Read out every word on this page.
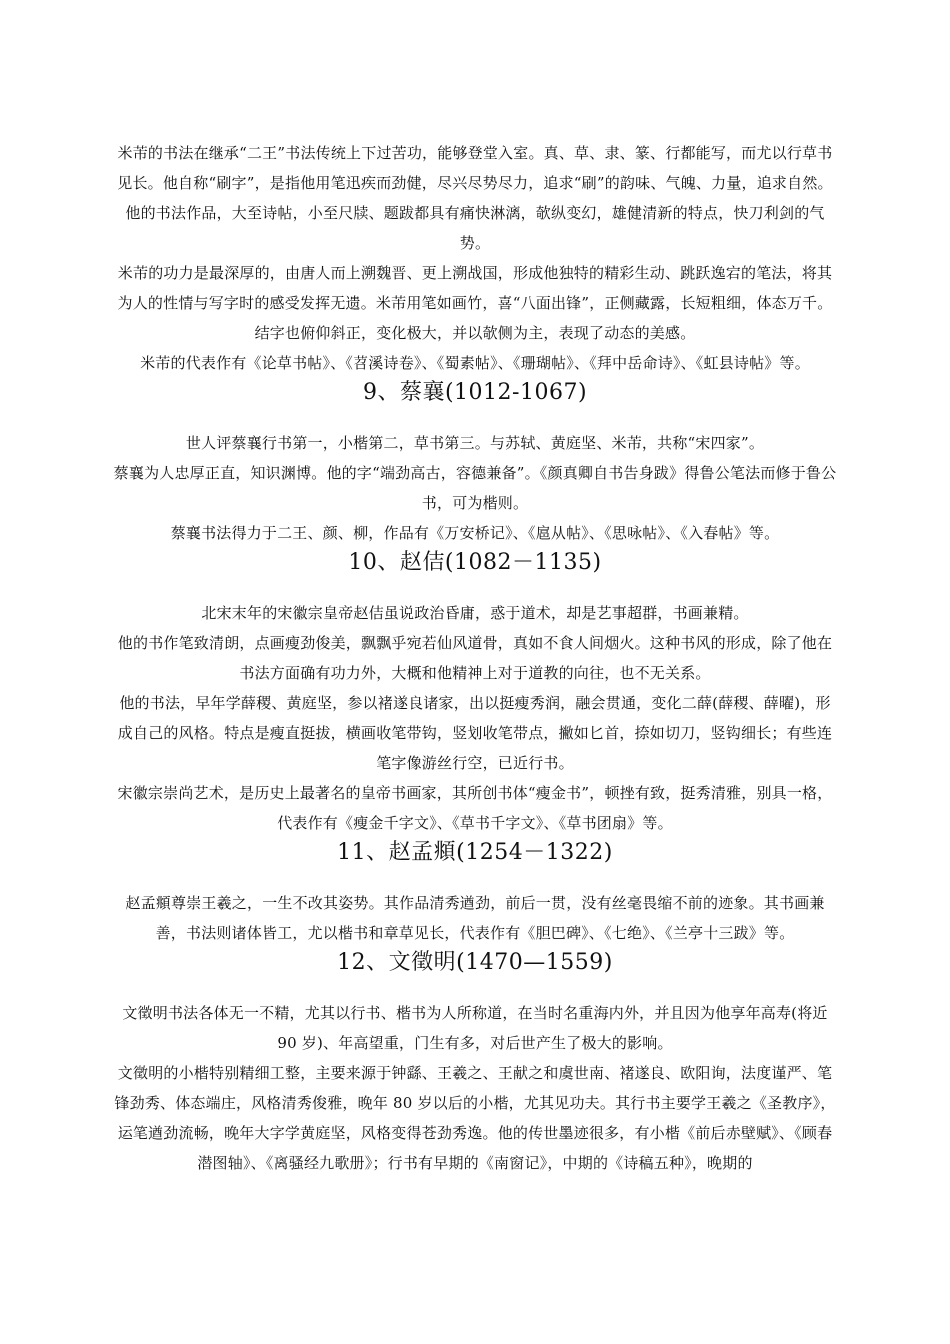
米芾的书法在继承“二王”书法传统上下过苦功，能够登堂入室。真、草、隶、篆、行都能写，而尤以行草书见长。他自称“刷字”，是指他用笔迅疾而劲健，尽兴尽势尽力，追求“刷”的韵味、气魄、力量，追求自然。他的书法作品，大至诗帖，小至尺牍、题跋都具有痛快淋漓，欹纵变幻，雄健清新的特点，快刀利剑的气势。

米芾的功力是最深厚的，由唐人而上溯魏晋、更上溯战国，形成他独特的精彩生动、跳跃逸宕的笔法，将其为人的性情与写字时的感受发挥无遗。米芾用笔如画竹，喜“八面出锋”，正侧藏露，长短粗细，体态万千。结字也俯仰斜正，变化极大，并以欹侧为主，表现了动态的美感。

米芾的代表作有《论草书帖》、《苕溪诗卷》、《蜀素帖》、《珊瑚帖》、《拜中岳命诗》、《虹县诗帖》等。

9、蔡襄(1012-1067)

世人评蔡襄行书第一，小楷第二，草书第三。与苏轼、黄庭坚、米芾，共称“宋四家”。

蔡襄为人忠厚正直，知识渊博。他的字“端劲高古，容德兼备”。《颜真卿自书告身跋》得鲁公笔法而修于鲁公书，可为楷则。

蔡襄书法得力于二王、颜、柳，作品有《万安桥记》、《扈从帖》、《思咏帖》、《入春帖》等。

10、赵佶(1082－1135)

北宋末年的宋徽宗皇帝赵佶虽说政治昏庸，惑于道术，却是艺事超群，书画兼精。

他的书作笔致清朗，点画瘦劲俊美，飘飘乎宛若仙风道骨，真如不食人间烟火。这种书风的形成，除了他在书法方面确有功力外，大概和他精神上对于道教的向往，也不无关系。

他的书法，早年学薛稷、黄庭坚，参以褚遂良诸家，出以挺瘦秀润，融会贯通，变化二薛(薛稷、薛曜)，形成自己的风格。特点是瘦直挺拔，横画收笔带钩，竖划收笔带点，撇如匕首，捺如切刀，竖钩细长；有些连笔字像游丝行空，已近行书。

宋徽宗崇尚艺术，是历史上最著名的皇帝书画家，其所创书体“瘦金书”，顿挫有致，挺秀清雅，别具一格，代表作有《瘦金千字文》、《草书千字文》、《草书团扇》等。

11、赵孟頫(1254－1322)

赵孟頫尊崇王羲之，一生不改其姿势。其作品清秀遒劲，前后一贯，没有丝毫畏缩不前的迹象。其书画兼善，书法则诸体皆工，尤以楷书和章草见长，代表作有《胆巴碑》、《七绝》、《兰亭十三跋》等。

12、文徵明(1470—1559)

文徵明书法各体无一不精，尤其以行书、楷书为人所称道，在当时名重海内外，并且因为他享年高寿(将近 90 岁)、年高望重，门生有多，对后世产生了极大的影响。

文徵明的小楷特别精细工整，主要来源于钟繇、王羲之、王献之和虞世南、褚遂良、欧阳询，法度谨严、笔锋劲秀、体态端庄，风格清秀俊雅，晚年 80 岁以后的小楷，尤其见功夫。其行书主要学王羲之《圣教序》，运笔遒劲流畅，晚年大字学黄庭坚，风格变得苍劲秀逸。他的传世墨迹很多，有小楷《前后赤壁赋》、《顾春潜图轴》、《离骚经九歌册》；行书有早期的《南窗记》，中期的《诗稿五种》，晚期的
